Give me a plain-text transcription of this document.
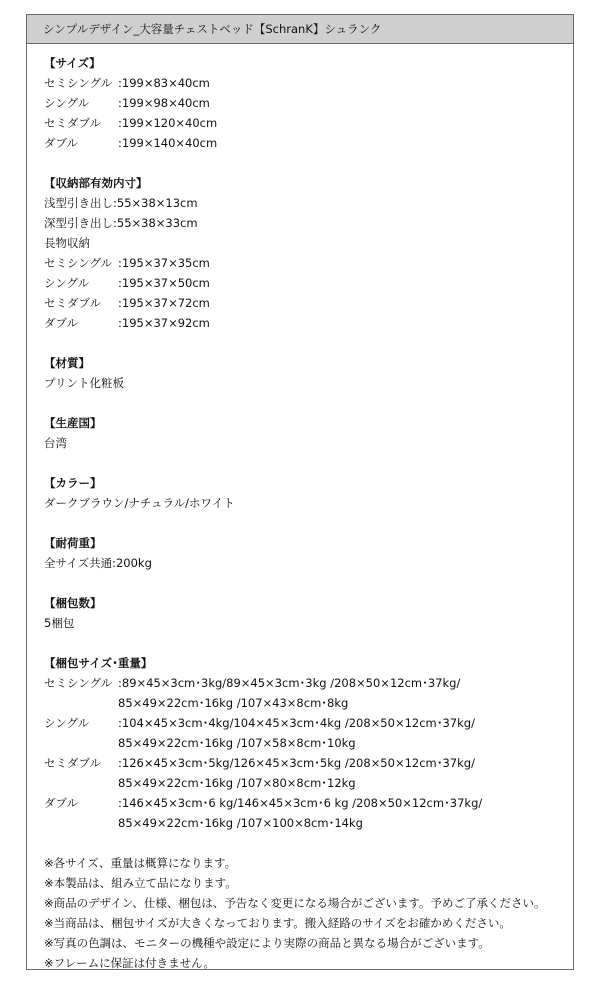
シンプルデザイン_大容量チェストベッド【SchranK】シュランク
【サイズ】
セミシングル :199×83×40cm
シングル	:199×98×40cm
セミダブル	:199×120×40cm
ダブル	:199×140×40cm
【収納部有効内寸】
浅型引き出し:55×38×13cm
深型引き出し:55×38×33cm
長物収納
セミシングル :195×37×35cm
シングル	:195×37×50cm
セミダブル	:195×37×72cm
ダブル	:195×37×92cm
【材質】
プリント化粧板
【生産国】
台湾
【カラー】
ダークブラウン/ナチュラル/ホワイト
【耐荷重】
全サイズ共通:200kg
【梱包数】
5梱包
【梱包サイズ･重量】
セミシングル :89×45×3cm･3kg/89×45×3cm･3kg /208×50×12cm･37kg/
85×49×22cm･16kg /107×43×8cm･8kg
シングル	:104×45×3cm･4kg/104×45×3cm･4kg /208×50×12cm･37kg/
85×49×22cm･16kg /107×58×8cm･10kg
セミダブル	:126×45×3cm･5kg/126×45×3cm･5kg /208×50×12cm･37kg/
85×49×22cm･16kg /107×80×8cm･12kg
ダブル	:146×45×3cm･6 kg/146×45×3cm･6 kg /208×50×12cm･37kg/
85×49×22cm･16kg /107×100×8cm･14kg
※各サイズ、重量は概算になります。
※本製品は、組み立て品になります。
※商品のデザイン、仕様、梱包は、予告なく変更になる場合がございます。予めご了承ください。
※当商品は、梱包サイズが大きくなっております。搬入経路のサイズをお確かめください。
※写真の色調は、モニターの機種や設定により実際の商品と異なる場合がございます。
※フレームに保証は付きません。
